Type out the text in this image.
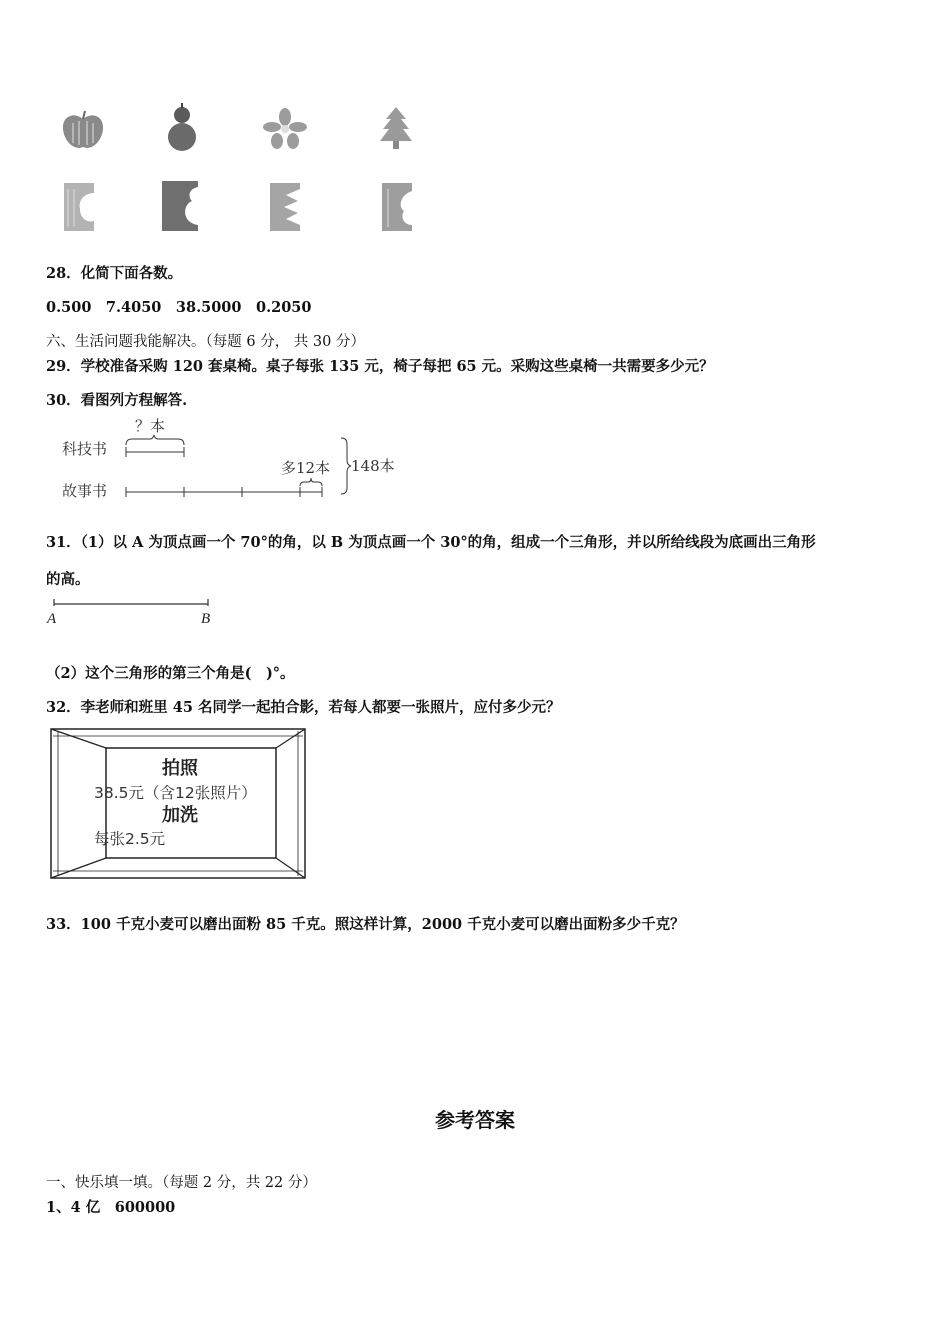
28．化简下面各数。
0.500　7.4050　38.5000　0.2050
六、生活问题我能解决。（每题 6 分， 共 30 分）
29．学校准备采购 120 套桌椅。桌子每张 135 元，椅子每把 65 元。采购这些桌椅一共需要多少元？
30．看图列方程解答.
科技书
故事书
？本
多12本 148本
31．（1）以 A 为顶点画一个 70°的角，以 B 为顶点画一个 30°的角，组成一个三角形，并以所给线段为底画出三角形
的高。
A	B
（2）这个三角形的第三个角是(　)°。
32．李老师和班里 45 名同学一起拍合影，若每人都要一张照片，应付多少元？
拍照
38.5元（含12张照片）
加洗
每张2.5元
33．100 千克小麦可以磨出面粉 85 千克。照这样计算，2000 千克小麦可以磨出面粉多少千克？
参考答案
一、快乐填一填。（每题 2 分，共 22 分）
1、4 亿　600000
